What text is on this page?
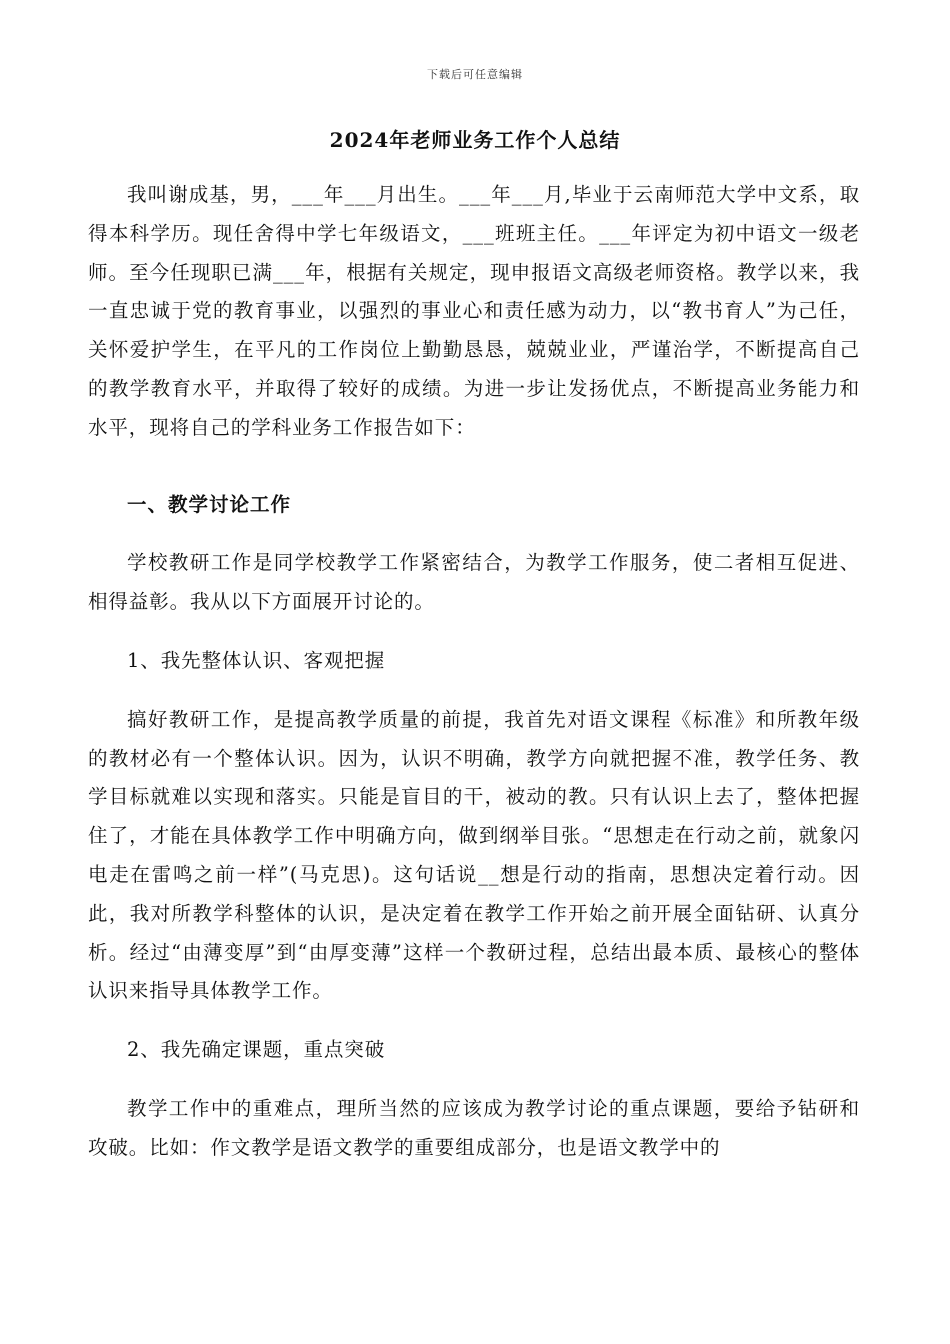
下载后可任意编辑
2024年老师业务工作个人总结

我叫谢成基，男，___年___月出生。___年___月,毕业于云南师范大学中文系，取得本科学历。现任舍得中学七年级语文，___班班主任。___年评定为初中语文一级老师。至今任现职已满___年，根据有关规定，现申报语文高级老师资格。教学以来，我一直忠诚于党的教育事业，以强烈的事业心和责任感为动力，以“教书育人”为己任，关怀爱护学生，在平凡的工作岗位上勤勤恳恳，兢兢业业，严谨治学，不断提高自己的教学教育水平，并取得了较好的成绩。为进一步让发扬优点，不断提高业务能力和水平，现将自己的学科业务工作报告如下：

一、教学讨论工作

学校教研工作是同学校教学工作紧密结合，为教学工作服务，使二者相互促进、相得益彰。我从以下方面展开讨论的。

1、我先整体认识、客观把握

搞好教研工作，是提高教学质量的前提，我首先对语文课程《标准》和所教年级的教材必有一个整体认识。因为，认识不明确，教学方向就把握不准，教学任务、教学目标就难以实现和落实。只能是盲目的干，被动的教。只有认识上去了，整体把握住了，才能在具体教学工作中明确方向，做到纲举目张。“思想走在行动之前，就象闪电走在雷鸣之前一样”(马克思)。这句话说__想是行动的指南，思想决定着行动。因此，我对所教学科整体的认识，是决定着在教学工作开始之前开展全面钻研、认真分析。经过“由薄变厚”到“由厚变薄”这样一个教研过程，总结出最本质、最核心的整体认识来指导具体教学工作。

2、我先确定课题，重点突破

教学工作中的重难点，理所当然的应该成为教学讨论的重点课题，要给予钻研和攻破。比如：作文教学是语文教学的重要组成部分，也是语文教学中的
